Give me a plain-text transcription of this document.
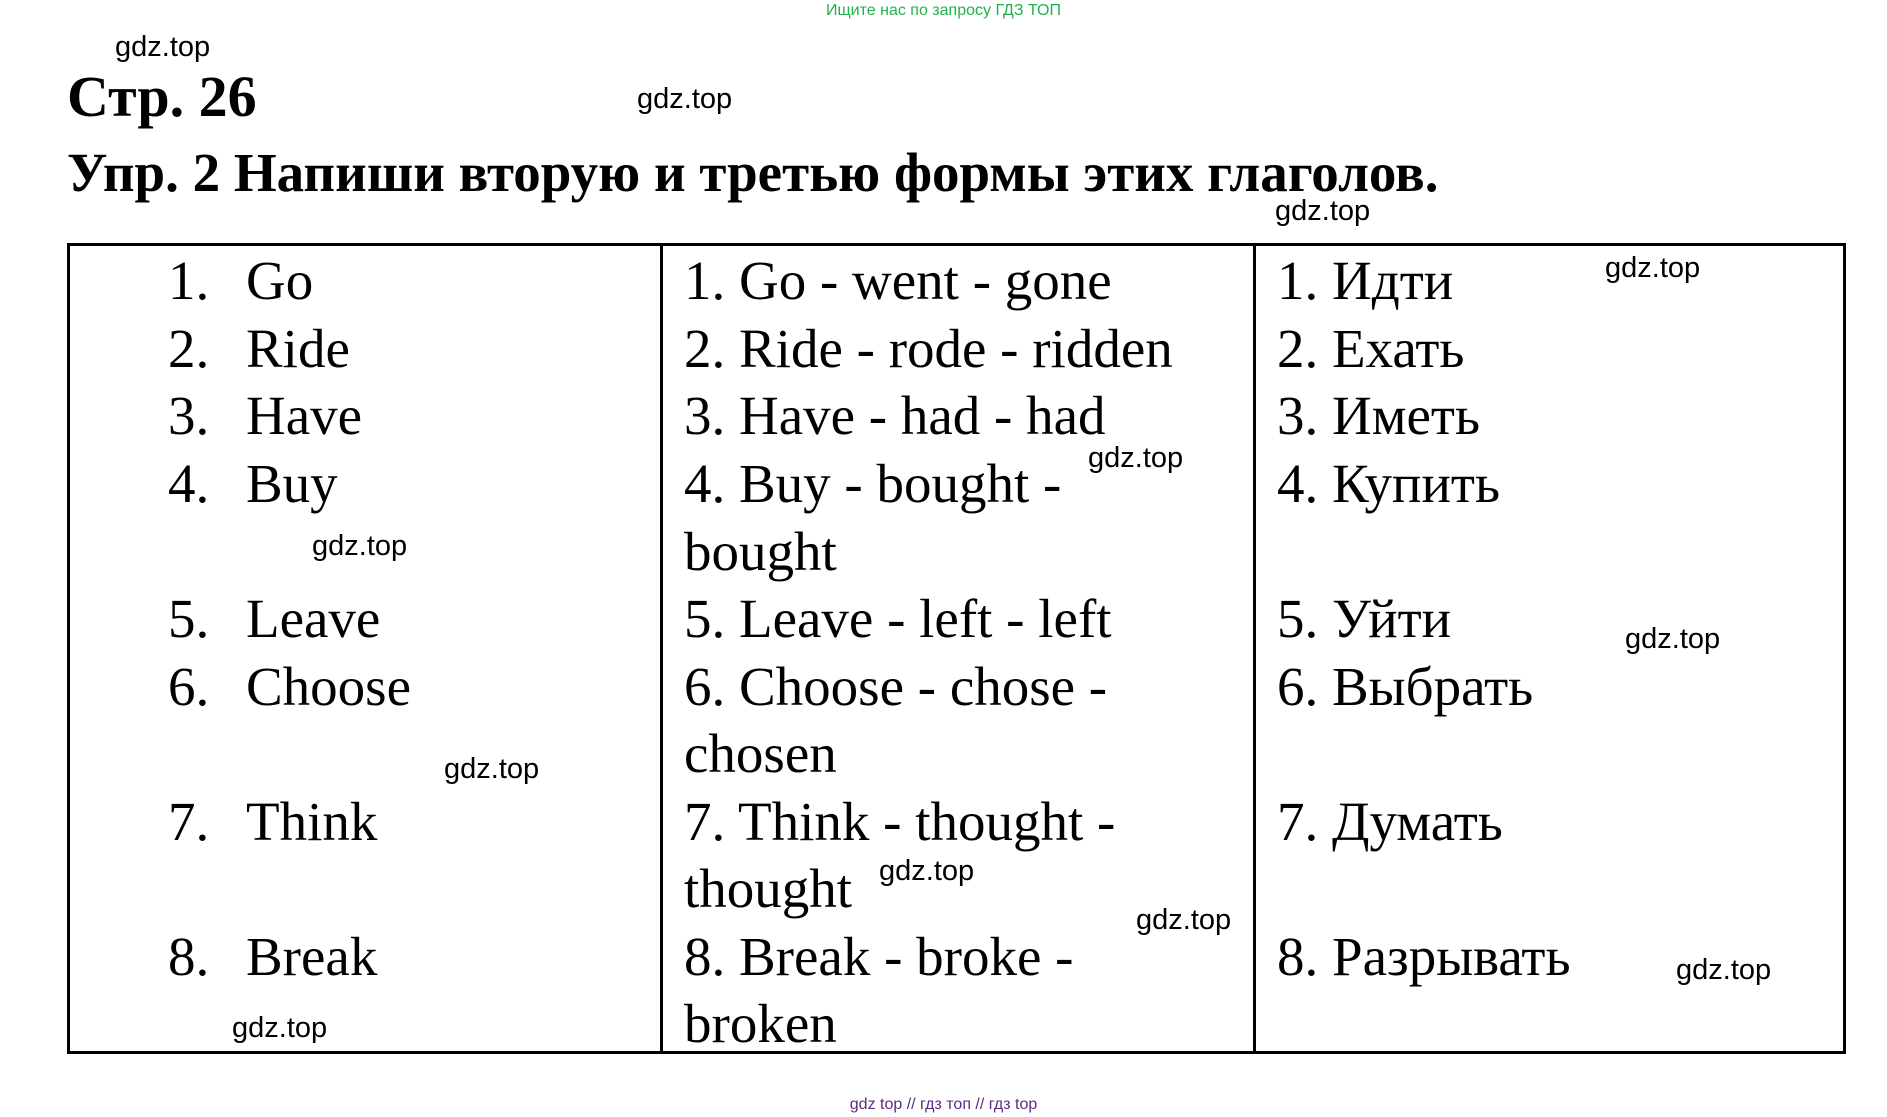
Ищите нас по запросу ГДЗ ТОП
Стр. 26
Упр. 2 Напиши вторую и третью формы этих глаголов.
gdz.top
gdz.top
gdz.top
gdz.top
gdz.top
gdz.top
gdz.top
gdz.top
gdz.top
gdz.top
gdz.top
gdz.top
1. Go
2. Ride
3. Have
4. Buy
5. Leave
6. Choose
7. Think
8. Break
1. Go - went - gone
2. Ride - rode - ridden
3. Have - had - had
4. Buy - bought -
bought
5. Leave - left - left
6. Choose - chose -
chosen
7. Think - thought -
thought
8. Break - broke -
broken
1. Идти
2. Ехать
3. Иметь
4. Купить
5. Уйти
6. Выбрать
7. Думать
8. Разрывать
gdz top // гдз топ // гдз top
